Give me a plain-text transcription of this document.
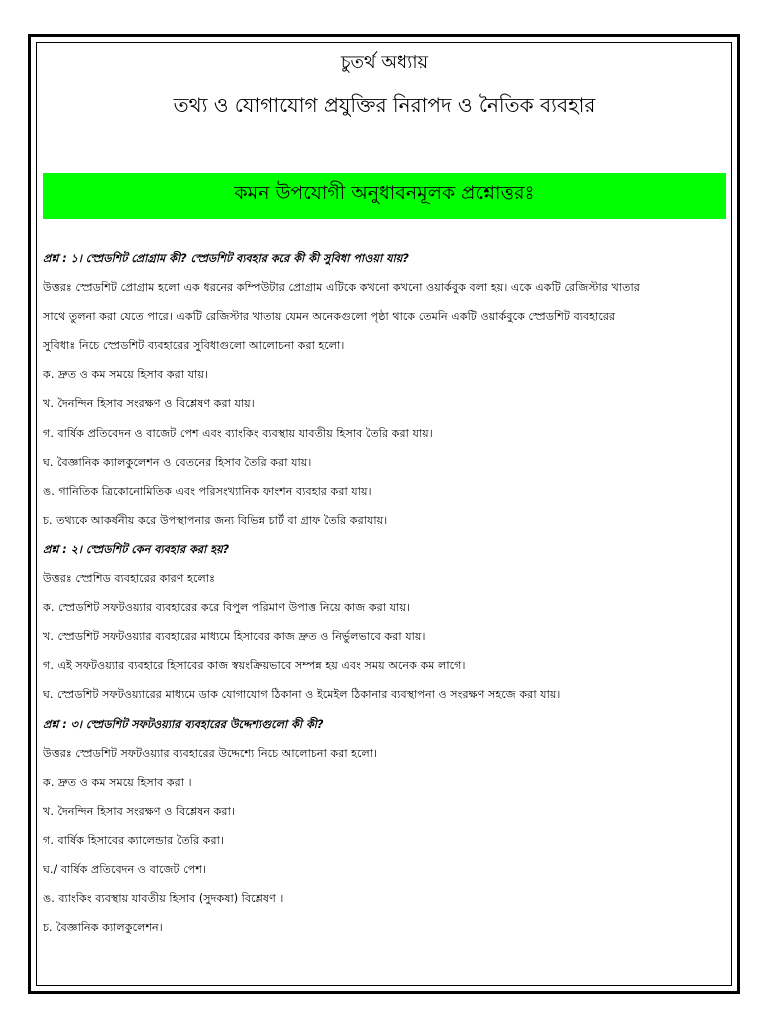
চুতর্থ অধ্যায়
তথ্য ও যোগাযোগ প্রযুক্তির নিরাপদ ও নৈতিক ব্যবহার
কমন উপযোগী অনুধাবনমূলক প্রশ্নোত্তরঃ
প্রশ্ন : ১। স্প্রেডশিট প্রোগ্রাম কী? স্প্রেডশিট ব্যবহার করে কী কী সুবিধা পাওয়া যায়?
উত্তরঃ স্প্রেডশিট প্রোগ্রাম হলো এক ধরনের কম্পিউটার প্রোগ্রাম এটিকে কখনো কখনো ওয়ার্কবুক বলা হয়। একে একটি রেজিস্টার খাতার
সাথে তুলনা করা যেতে পারে। একটি রেজিস্টার খাতায় যেমন অনেকগুলো পৃষ্ঠা থাকে তেমনি একটি ওয়ার্কবুকে স্প্রেডশিট ব্যবহারের
সুবিধাঃ নিচে স্প্রেডশিট ব্যবহারের সুবিধাগুলো আলোচনা করা হলো।
ক. দ্রুত ও কম সময়ে হিসাব করা যায়।
খ. দৈনন্দিন হিসাব সংরক্ষণ ও বিশ্লেষণ করা যায়।
গ. বার্ষিক প্রতিবেদন ও বাজেট পেশ এবং ব্যাংকিং ব্যবস্থায় যাবতীয় হিসাব তৈরি করা যায়।
ঘ. বৈজ্ঞানিক ক্যালকুলেশন ও বেতনের হিসাব তৈরি করা যায়।
ঙ. গানিতিক ত্রিকোনোমিতিক এবং পরিসংখ্যানিক ফাংশন ব্যবহার করা যায়।
চ. তথ্যকে আকর্ষনীয় করে উপস্থাপনার জন্য বিভিন্ন চার্ট বা গ্রাফ তৈরি করাযায়।
প্রশ্ন : ২। স্প্রেডশিট কেন ব্যবহার করা হয়?
উত্তরঃ স্প্রেশিড ব্যবহারের কারণ হলোঃ
ক. স্প্রেডশিট সফটওয়্যার ব্যবহারের করে বিপুল পরিমাণ উপাত্ত নিয়ে কাজ করা যায়।
খ. স্প্রেডশিট সফটওয়্যার ব্যবহারের মাধ্যমে হিসাবের কাজ দ্রুত ও নির্ভুলভাবে করা যায়।
গ. এই সফটওয়্যার ব্যবহারে হিসাবের কাজ স্বয়ংক্রিয়ভাবে সম্পন্ন হয় এবং সময় অনেক কম লাগে।
ঘ. স্প্রেডশিট সফটওয়্যারের মাধ্যমে ডাক যোগাযোগ ঠিকানা ও ইমেইল ঠিকানার ব্যবস্থাপনা ও সংরক্ষণ সহজে করা যায়।
প্রশ্ন : ৩। স্প্রেডশিট সফটওয়্যার ব্যবহারের উদ্দেশ্যগুলো কী কী?
উত্তরঃ স্প্রেডশিট সফটওয়্যার ব্যবহারের উদ্দেশ্যে নিচে আলোচনা করা হলো।
ক. দ্রুত ও কম সময়ে হিসাব করা ।
খ. দৈনন্দিন হিসাব সংরক্ষণ ও বিশ্লেষন করা।
গ. বার্ষিক হিসাবের ক্যালেন্ডার তৈরি করা।
ঘ./ বার্ষিক প্রতিবেদন ও বাজেট পেশ।
ঙ. ব্যাংকিং ব্যবস্থায় যাবতীয় হিসাব (সুদকষা) বিশ্লেষণ ।
চ. বৈজ্ঞানিক ক্যালকুলেশন।
